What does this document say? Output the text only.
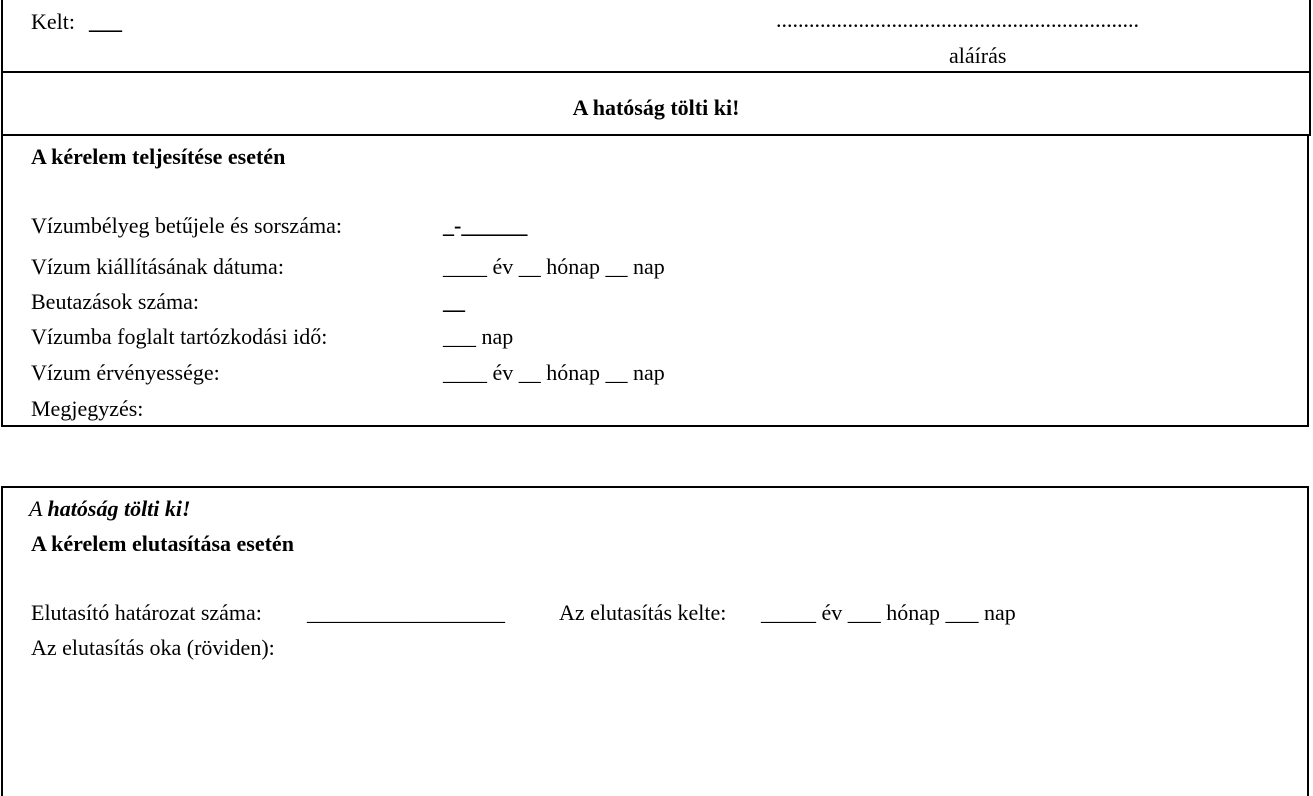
Kelt: ___	..................................................................
aláírás
A hatóság tölti ki!
A kérelem teljesítése esetén
Vízumbélyeg betűjele és sorszáma:	_-______
Vízum kiállításának dátuma:	____ év __ hónap __ nap
Beutazások száma:	__
Vízumba foglalt tartózkodási idő:	___ nap
Vízum érvényessége:	____ év __ hónap __ nap
Megjegyzés:
A hatóság tölti ki!
A kérelem elutasítása esetén
Elutasító határozat száma: __________________ Az elutasítás kelte: _____ év ___ hónap ___ nap
Az elutasítás oka (röviden):
